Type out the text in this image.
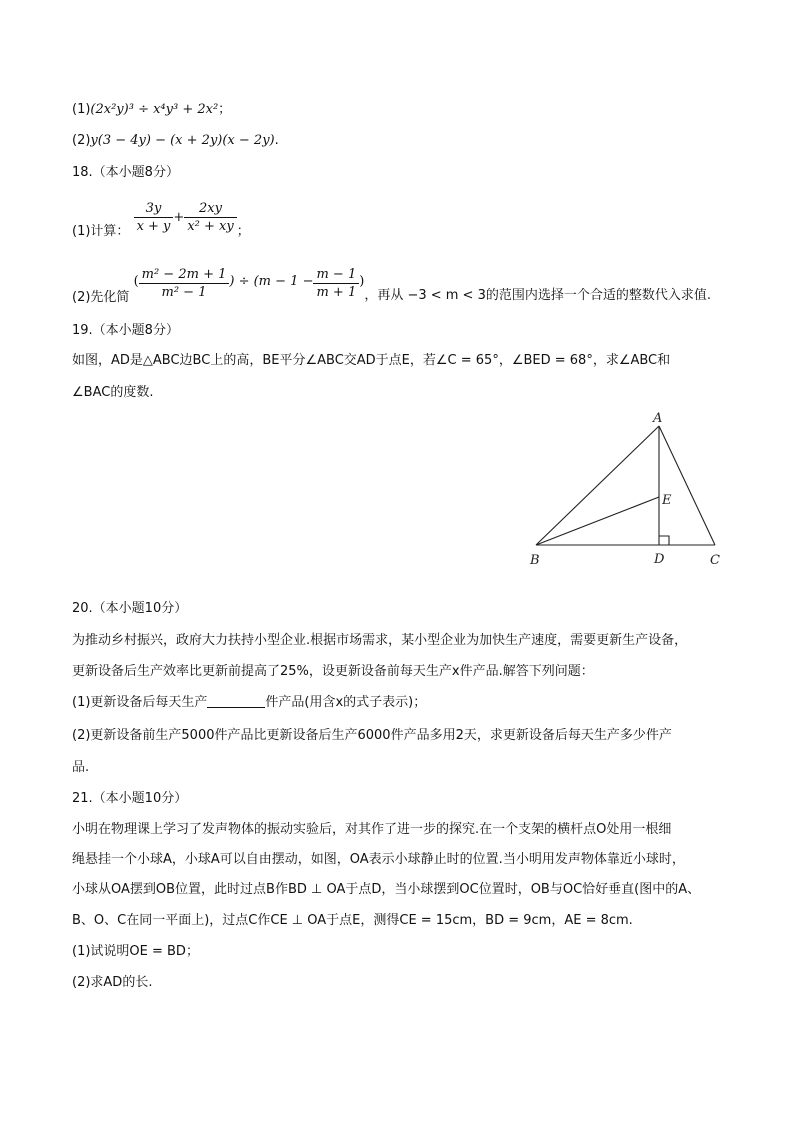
(1)(2x²y)³ ÷ x⁴y³ + 2x²；
(2)y(3 − 4y) − (x + 2y)(x − 2y).
18.（本小题8分）
(1)计算： $\frac{3y}{x + y} + \frac{2xy}{\text{x² + xy}}$ ；
(2)先化简 ( $\frac{\text{m² − 2m + 1}}{\text{m² − 1}}$ ) ÷ ($m - 1 - \frac{m - 1}{m + 1}$ )，再从 −3 < m < 3的范围内选择一个合适的整数代入求值.
19.（本小题8分）
如图，AD是△ABC边BC上的高，BE平分∠ABC交AD于点E，若∠C = 65°，∠BED = 68°，求∠ABC和
∠BAC的度数.
A
B	C
D
E
20.（本小题10分）
为推动乡村振兴，政府大力扶持小型企业.根据市场需求，某小型企业为加快生产速度，需要更新生产设备，
更新设备后生产效率比更新前提高了25%，设更新设备前每天生产x件产品.解答下列问题：
(1)更新设备后每天生产	件产品(用含x的式子表示)；
(2)更新设备前生产5000件产品比更新设备后生产6000件产品多用2天，求更新设备后每天生产多少件产
品.
21.（本小题10分）
小明在物理课上学习了发声物体的振动实验后，对其作了进一步的探究.在一个支架的横杆点O处用一根细
绳悬挂一个小球A，小球A可以自由摆动，如图，OA表示小球静止时的位置.当小明用发声物体靠近小球时，
小球从OA摆到OB位置，此时过点B作BD ⊥ OA于点D，当小球摆到OC位置时，OB与OC恰好垂直(图中的A、
B、O、C在同一平面上)，过点C作CE ⊥ OA于点E，测得CE = 15cm，BD = 9cm，AE = 8cm.
(1)试说明OE = BD；
(2)求AD的长.
